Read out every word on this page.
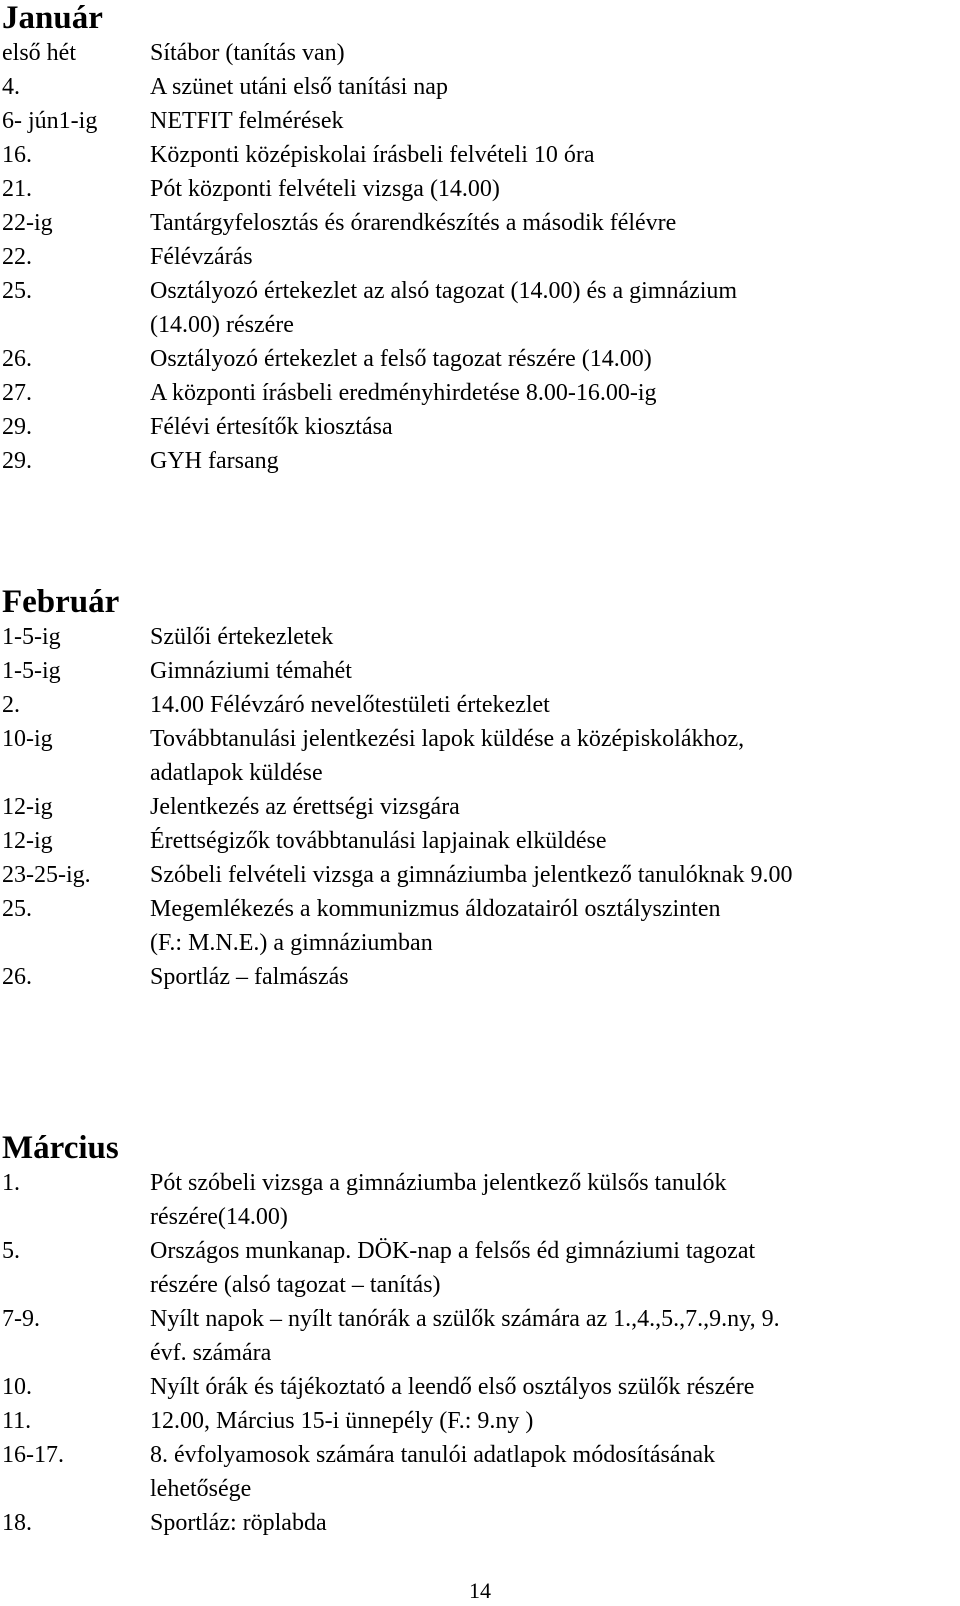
Január
első hét	Sítábor (tanítás van)
4.	A szünet utáni első tanítási nap
6- jún1-ig	NETFIT felmérések
16.	Központi középiskolai írásbeli felvételi 10 óra
21.	Pót központi felvételi vizsga (14.00)
22-ig	Tantárgyfelosztás és órarendkészítés a második félévre
22.	Félévzárás
25.	Osztályozó értekezlet az alsó tagozat (14.00) és a gimnázium
(14.00) részére
26.	Osztályozó értekezlet a felső tagozat részére (14.00)
27.	A központi írásbeli eredményhirdetése 8.00-16.00-ig
29.	Félévi értesítők kiosztása
29.	GYH farsang
Február
1-5-ig	Szülői értekezletek
1-5-ig	Gimnáziumi témahét
2.	14.00 Félévzáró nevelőtestületi értekezlet
10-ig	Továbbtanulási jelentkezési lapok küldése a középiskolákhoz,
adatlapok küldése
12-ig	Jelentkezés az érettségi vizsgára
12-ig	Érettségizők továbbtanulási lapjainak elküldése
23-25-ig.	Szóbeli felvételi vizsga a gimnáziumba jelentkező tanulóknak 9.00
25.	Megemlékezés a kommunizmus áldozatairól osztályszinten
(F.: M.N.E.) a gimnáziumban
26.	Sportláz – falmászás
Március
1.	Pót szóbeli vizsga a gimnáziumba jelentkező külsős tanulók
részére(14.00)
5.	Országos munkanap. DÖK-nap a felsős éd gimnáziumi tagozat
részére (alsó tagozat – tanítás)
7-9.	Nyílt napok – nyílt tanórák a szülők számára az 1.,4.,5.,7.,9.ny, 9.
évf. számára
10.	Nyílt órák és tájékoztató a leendő első osztályos szülők részére
11.	12.00, Március 15-i ünnepély (F.: 9.ny )
16-17.	8. évfolyamosok számára tanulói adatlapok módosításának
lehetősége
18.	Sportláz: röplabda
14
